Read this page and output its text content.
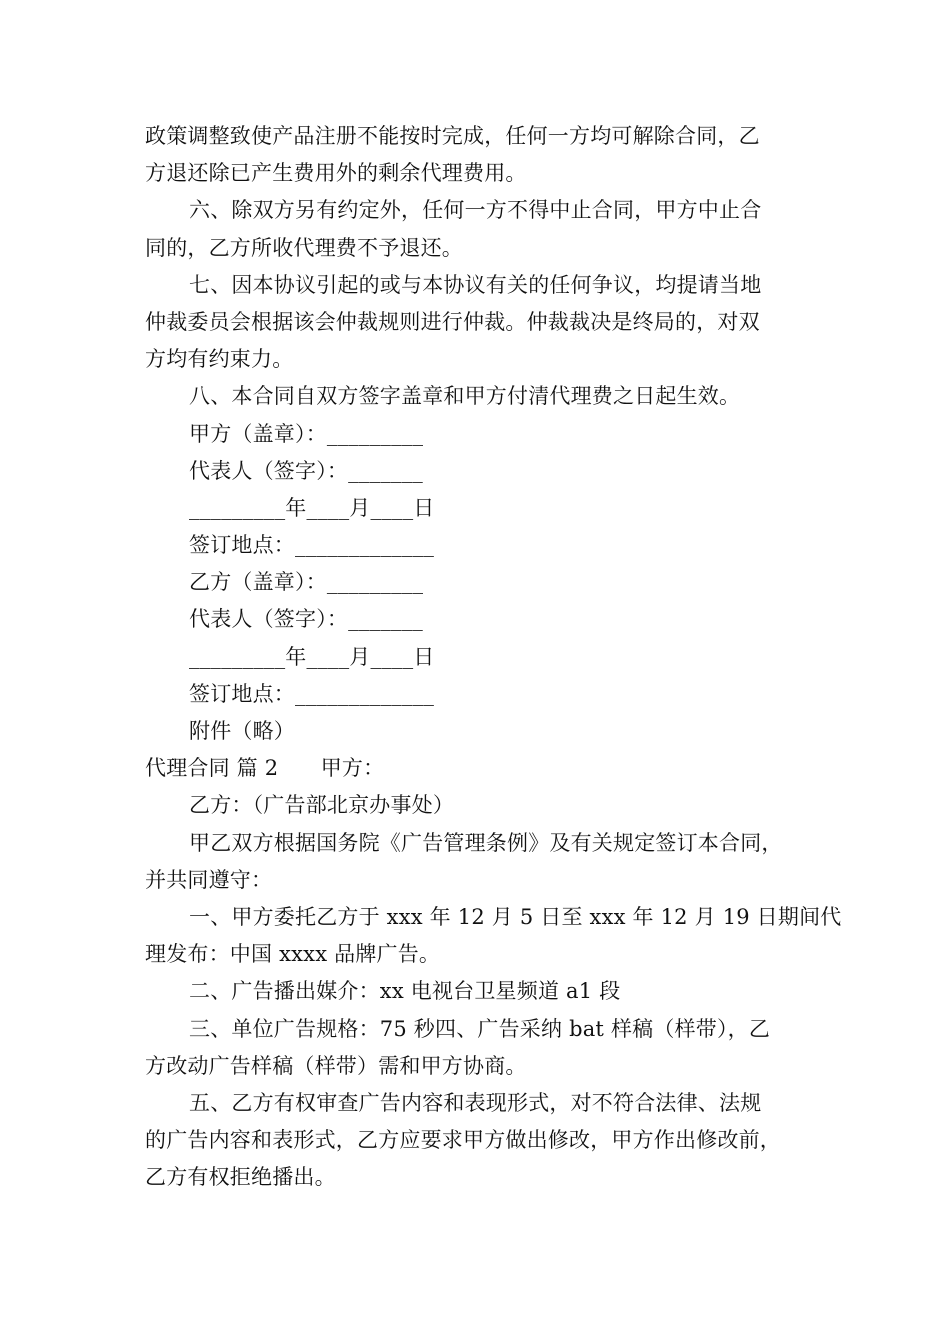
政策调整致使产品注册不能按时完成，任何一方均可解除合同，乙
方退还除已产生费用外的剩余代理费用。
六、除双方另有约定外，任何一方不得中止合同，甲方中止合
同的，乙方所收代理费不予退还。
七、因本协议引起的或与本协议有关的任何争议，均提请当地
仲裁委员会根据该会仲裁规则进行仲裁。仲裁裁决是终局的，对双
方均有约束力。
八、本合同自双方签字盖章和甲方付清代理费之日起生效。
甲方（盖章）：_________
代表人（签字）：_______
_________年____月____日
签订地点：_____________
乙方（盖章）：_________
代表人（签字）：_______
_________年____月____日
签订地点：_____________
附件（略）
代理合同 篇 2　　甲方：
乙方：（广告部北京办事处）
甲乙双方根据国务院《广告管理条例》及有关规定签订本合同，
并共同遵守：
一、甲方委托乙方于 xxx 年 12 月 5 日至 xxx 年 12 月 19 日期间代
理发布：中国 xxxx 品牌广告。
二、广告播出媒介：xx 电视台卫星频道 a1 段
三、单位广告规格：75 秒四、广告采纳 bat 样稿（样带），乙
方改动广告样稿（样带）需和甲方协商。
五、乙方有权审查广告内容和表现形式，对不符合法律、法规
的广告内容和表形式，乙方应要求甲方做出修改，甲方作出修改前，
乙方有权拒绝播出。
